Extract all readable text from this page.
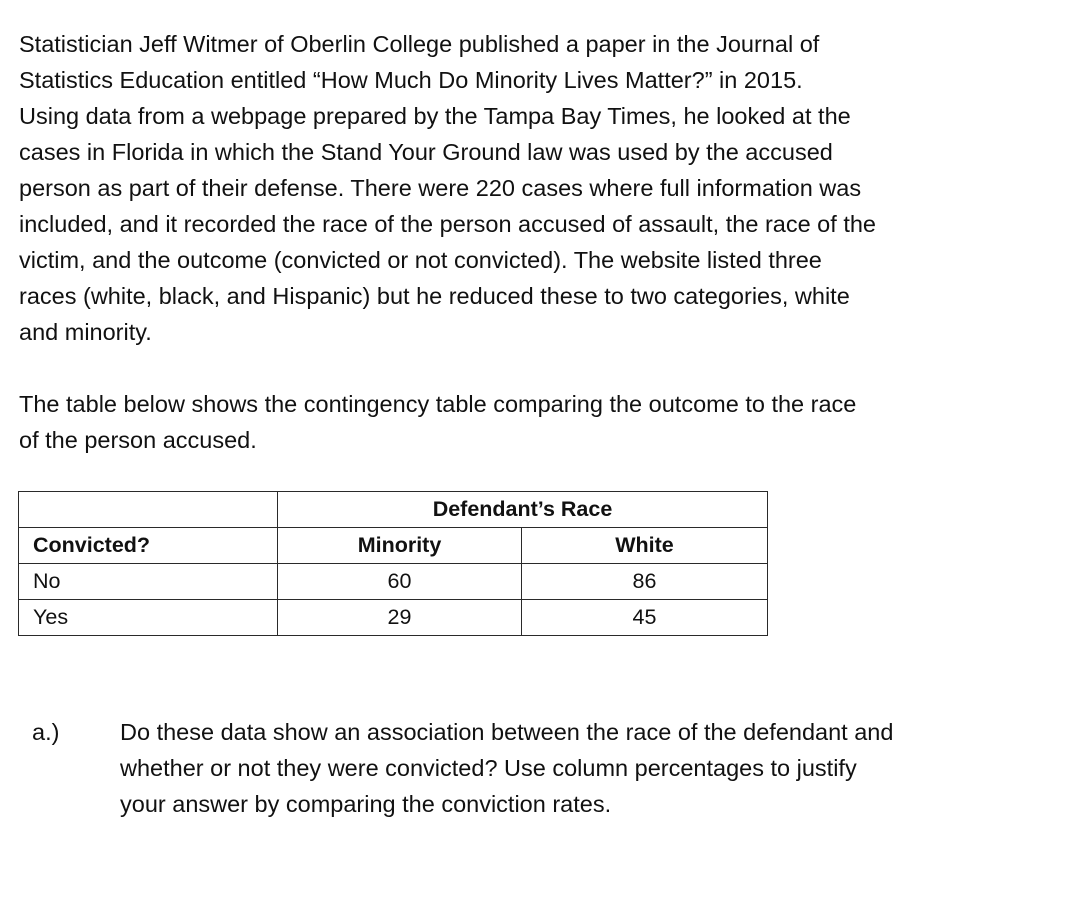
Statistician Jeff Witmer of Oberlin College published a paper in the Journal of
Statistics Education entitled “How Much Do Minority Lives Matter?” in 2015.
Using data from a webpage prepared by the Tampa Bay Times, he looked at the
cases in Florida in which the Stand Your Ground law was used by the accused
person as part of their defense. There were 220 cases where full information was
included, and it recorded the race of the person accused of assault, the race of the
victim, and the outcome (convicted or not convicted). The website listed three
races (white, black, and Hispanic) but he reduced these to two categories, white
and minority.
The table below shows the contingency table comparing the outcome to the race
of the person accused.
	Defendant’s Race	
Convicted?	Minority	White
No	60	86
Yes	29	45
a.)	Do these data show an association between the race of the defendant and
whether or not they were convicted? Use column percentages to justify
your answer by comparing the conviction rates.
